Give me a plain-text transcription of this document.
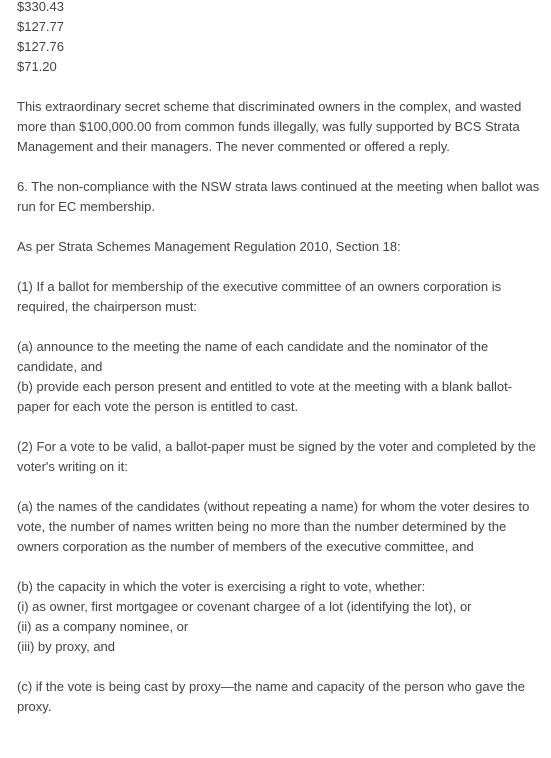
$330.43
$127.77
$127.76
$71.20
This extraordinary secret scheme that discriminated owners in the complex, and wasted more than $100,000.00 from common funds illegally, was fully supported by BCS Strata Management and their managers. The never commented or offered a reply.
6. The non-compliance with the NSW strata laws continued at the meeting when ballot was run for EC membership.
As per Strata Schemes Management Regulation 2010, Section 18:
(1) If a ballot for membership of the executive committee of an owners corporation is required, the chairperson must:
(a) announce to the meeting the name of each candidate and the nominator of the candidate, and
(b) provide each person present and entitled to vote at the meeting with a blank ballot-paper for each vote the person is entitled to cast.
(2) For a vote to be valid, a ballot-paper must be signed by the voter and completed by the voter's writing on it:
(a) the names of the candidates (without repeating a name) for whom the voter desires to vote, the number of names written being no more than the number determined by the owners corporation as the number of members of the executive committee, and
(b) the capacity in which the voter is exercising a right to vote, whether:
(i) as owner, first mortgagee or covenant chargee of a lot (identifying the lot), or
(ii) as a company nominee, or
(iii) by proxy, and
(c) if the vote is being cast by proxy—the name and capacity of the person who gave the proxy.
